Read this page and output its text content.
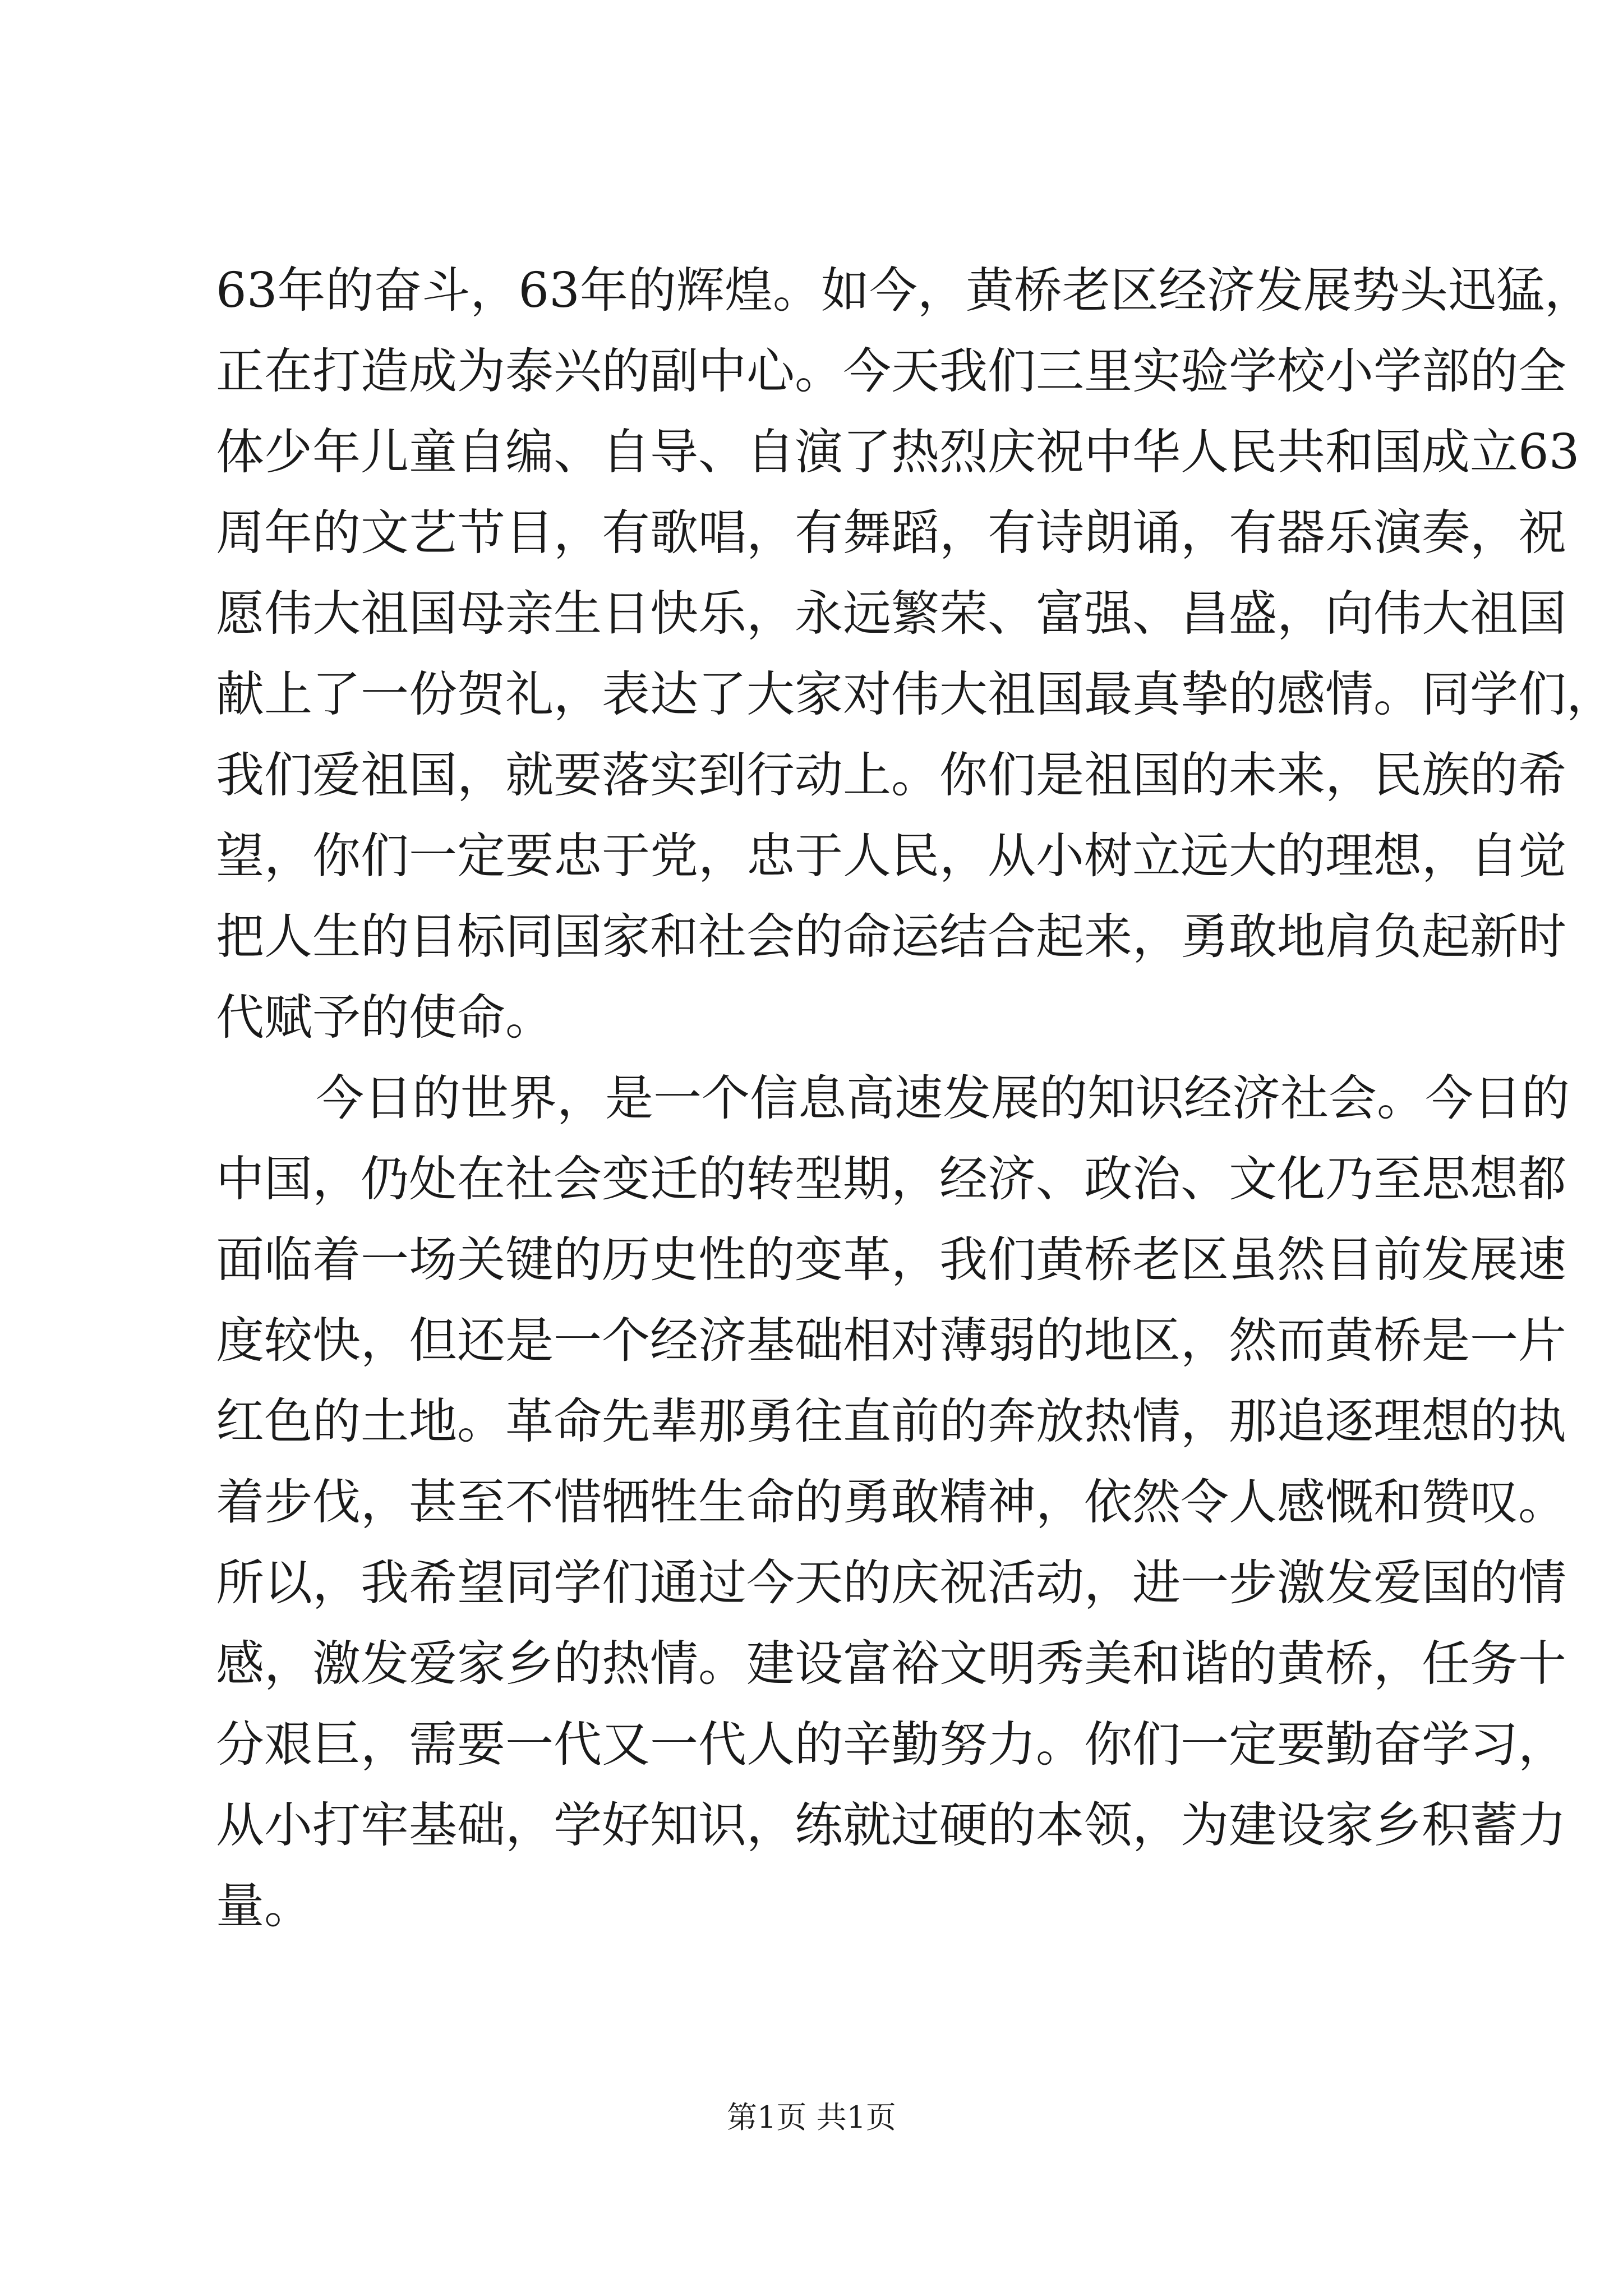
63年的奋斗，63年的辉煌。如今，黄桥老区经济发展势头迅猛，
正在打造成为泰兴的副中心。今天我们三里实验学校小学部的全
体少年儿童自编、自导、自演了热烈庆祝中华人民共和国成立63
周年的文艺节目，有歌唱，有舞蹈，有诗朗诵，有器乐演奏，祝
愿伟大祖国母亲生日快乐，永远繁荣、富强、昌盛，向伟大祖国
献上了一份贺礼，表达了大家对伟大祖国最真挚的感情。同学们，
我们爱祖国，就要落实到行动上。你们是祖国的未来，民族的希
望，你们一定要忠于党，忠于人民，从小树立远大的理想，自觉
把人生的目标同国家和社会的命运结合起来，勇敢地肩负起新时
代赋予的使命。
今日的世界，是一个信息高速发展的知识经济社会。今日的
中国，仍处在社会变迁的转型期，经济、政治、文化乃至思想都
面临着一场关键的历史性的变革，我们黄桥老区虽然目前发展速
度较快，但还是一个经济基础相对薄弱的地区，然而黄桥是一片
红色的土地。革命先辈那勇往直前的奔放热情，那追逐理想的执
着步伐，甚至不惜牺牲生命的勇敢精神，依然令人感慨和赞叹。
所以，我希望同学们通过今天的庆祝活动，进一步激发爱国的情
感，激发爱家乡的热情。建设富裕文明秀美和谐的黄桥，任务十
分艰巨，需要一代又一代人的辛勤努力。你们一定要勤奋学习，
从小打牢基础，学好知识，练就过硬的本领，为建设家乡积蓄力
量。
第1页 共1页
